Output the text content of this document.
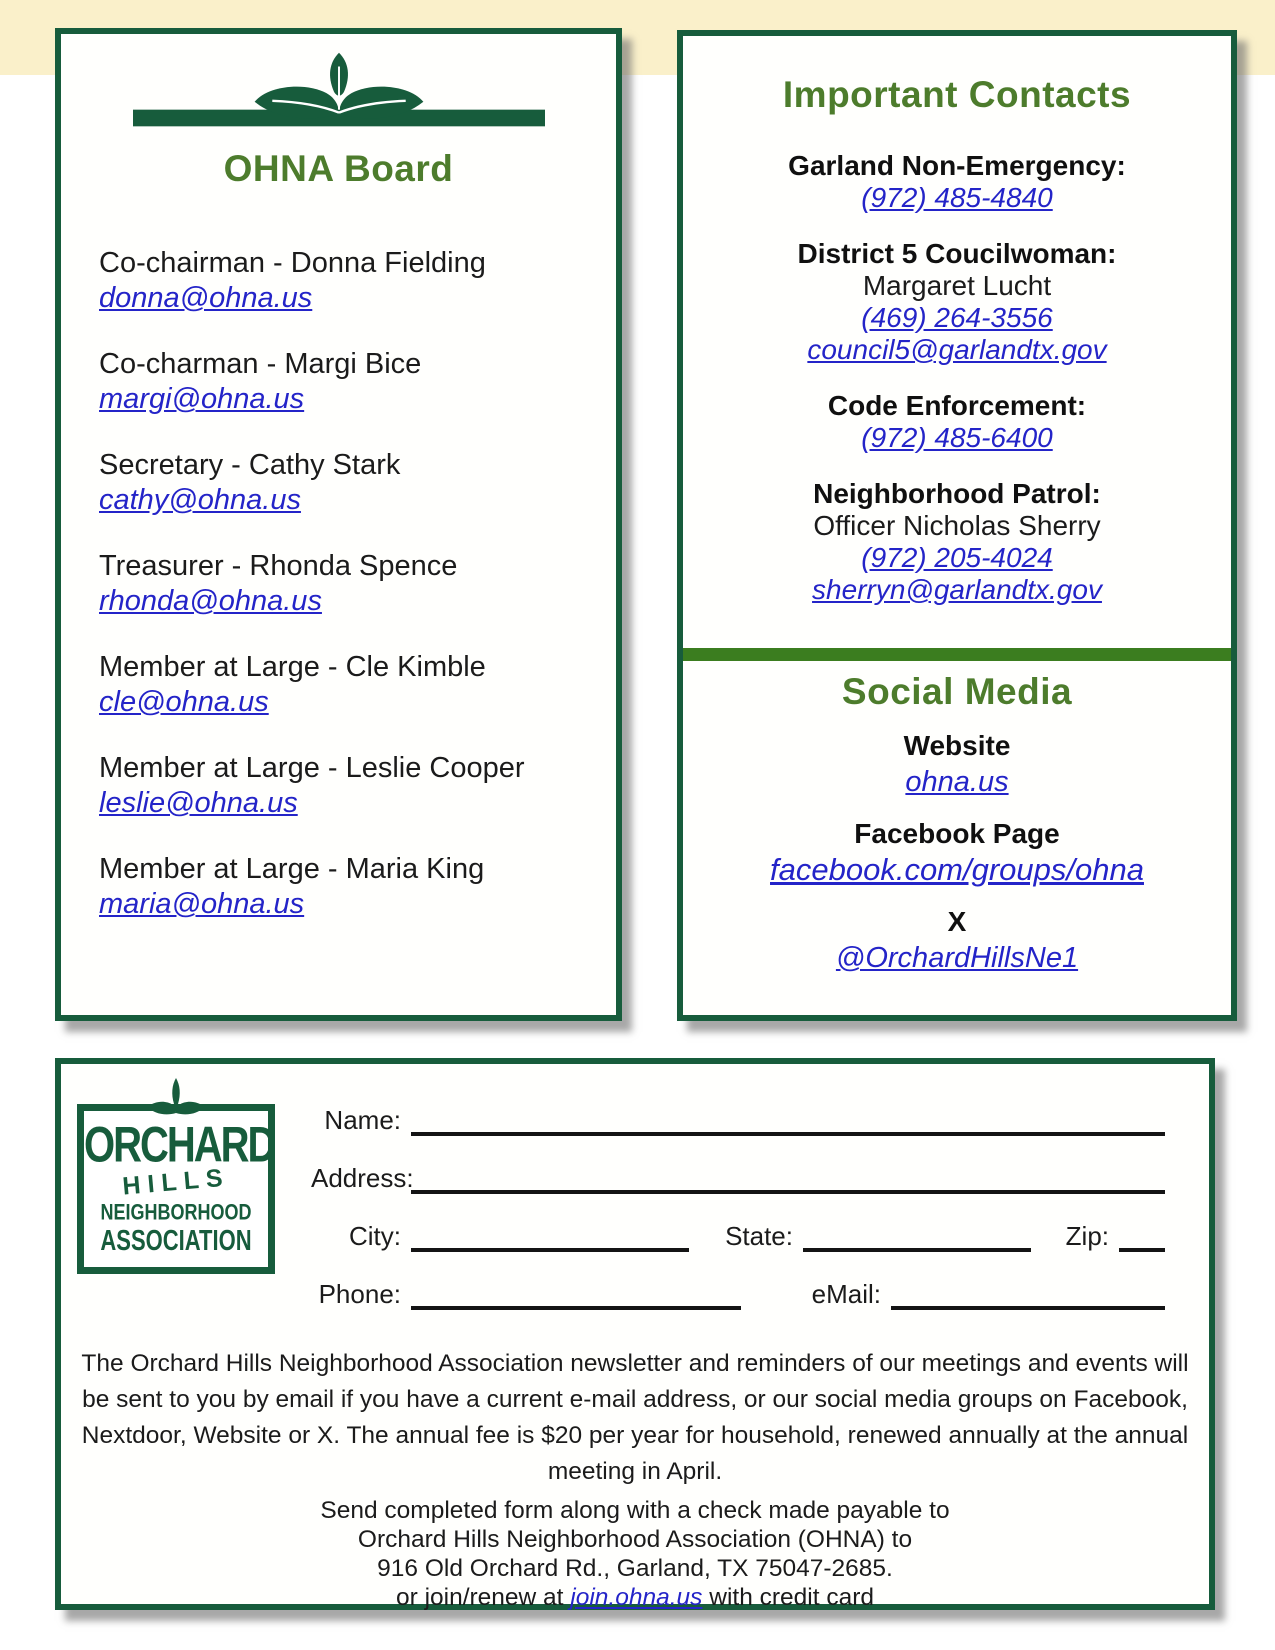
OHNA Board
Co-chairman - Donna Fielding
donna@ohna.us
Co-charman - Margi Bice
margi@ohna.us
Secretary - Cathy Stark
cathy@ohna.us
Treasurer - Rhonda Spence
rhonda@ohna.us
Member at Large - Cle Kimble
cle@ohna.us
Member at Large - Leslie Cooper
leslie@ohna.us
Member at Large - Maria King
maria@ohna.us
Important Contacts
Garland Non-Emergency:
(972) 485-4840
District 5 Coucilwoman:
Margaret Lucht
(469) 264-3556
council5@garlandtx.gov
Code Enforcement:
(972) 485-6400
Neighborhood Patrol:
Officer Nicholas Sherry
(972) 205-4024
sherryn@garlandtx.gov
Social Media
Website
ohna.us
Facebook Page
facebook.com/groups/ohna
X
@OrchardHillsNe1
ORCHARD
HILLS
NEIGHBORHOOD
ASSOCIATION
Name:
Address:
City:	State:	Zip:
Phone:	eMail:
The Orchard Hills Neighborhood Association newsletter and reminders of our meetings and events will be sent to you by email if you have a current e-mail address, or our social media groups on Facebook, Nextdoor, Website or X. The annual fee is $20 per year for household, renewed annually at the annual meeting in April.
Send completed form along with a check made payable to
Orchard Hills Neighborhood Association (OHNA) to
916 Old Orchard Rd., Garland, TX 75047-2685.
or join/renew at join.ohna.us with credit card
